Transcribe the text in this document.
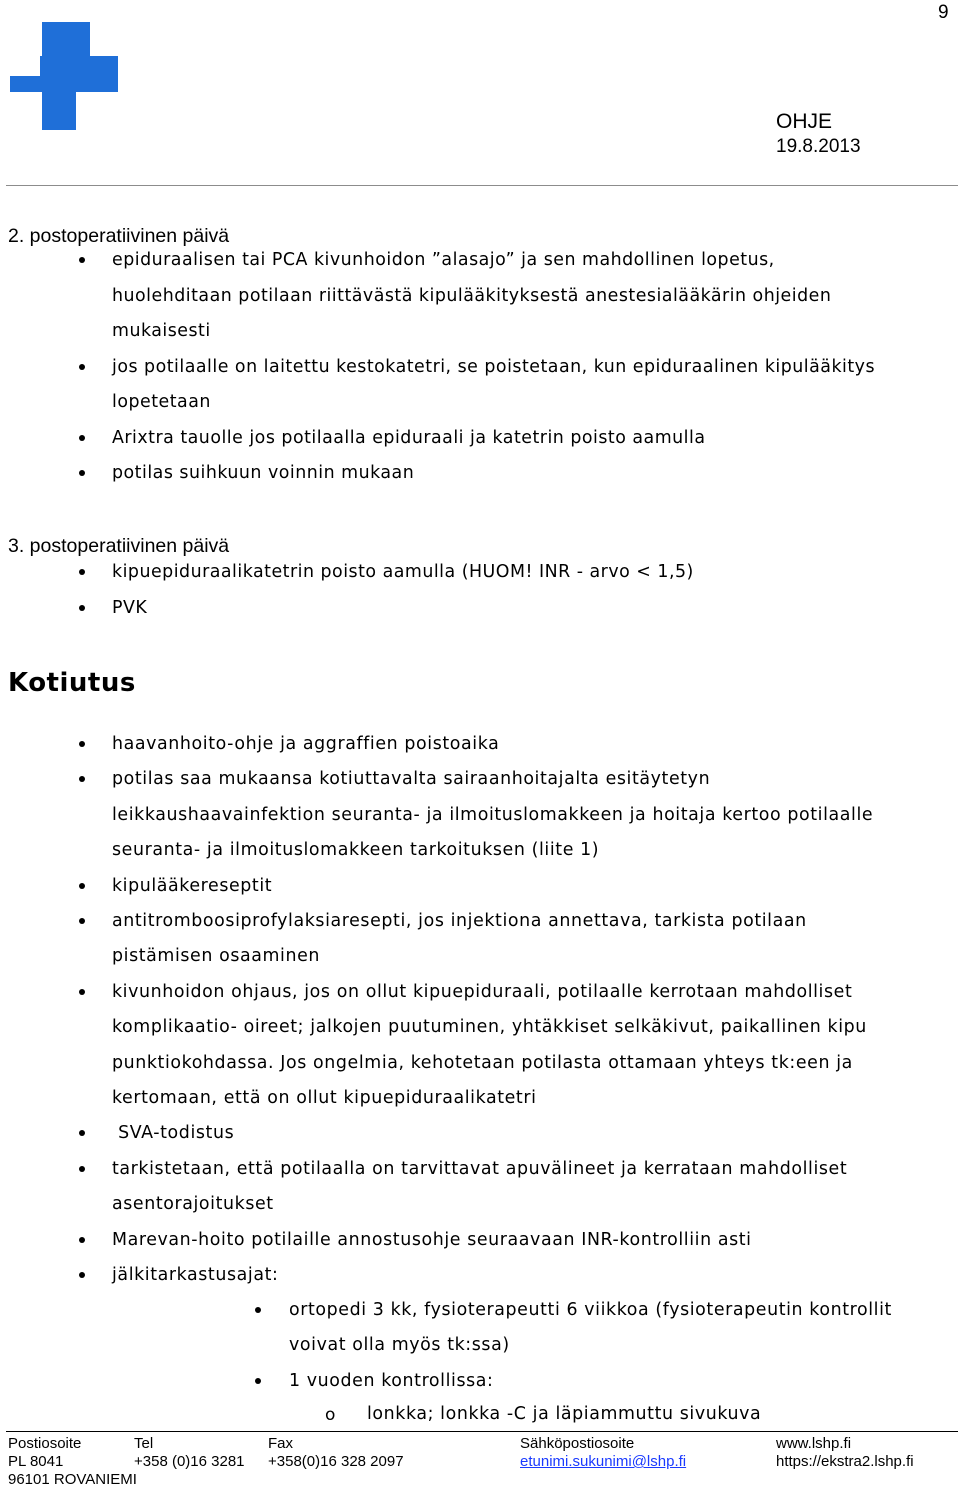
9
OHJE
19.8.2013
2. postoperatiivinen päivä
epiduraalisen tai PCA kivunhoidon ”alasajo” ja sen mahdollinen lopetus,
huolehditaan potilaan riittävästä kipulääkityksestä anestesialääkärin ohjeiden
mukaisesti
jos potilaalle on laitettu kestokatetri, se poistetaan, kun epiduraalinen kipulääkitys
lopetetaan
Arixtra tauolle jos potilaalla epiduraali ja katetrin poisto aamulla
potilas suihkuun voinnin mukaan
3. postoperatiivinen päivä
kipuepiduraalikatetrin poisto aamulla (HUOM! INR - arvo < 1,5)
PVK
Kotiutus
haavanhoito-ohje ja aggraffien poistoaika
potilas saa mukaansa kotiuttavalta sairaanhoitajalta esitäytetyn
leikkaushaavainfektion seuranta- ja ilmoituslomakkeen ja hoitaja kertoo potilaalle
seuranta- ja ilmoituslomakkeen tarkoituksen (liite 1)
kipulääkereseptit
antitromboosiprofylaksiaresepti, jos injektiona annettava, tarkista potilaan
pistämisen osaaminen
kivunhoidon ohjaus, jos on ollut kipuepiduraali, potilaalle kerrotaan mahdolliset
komplikaatio- oireet; jalkojen puutuminen, yhtäkkiset selkäkivut, paikallinen kipu
punktiokohdassa. Jos ongelmia, kehotetaan potilasta ottamaan yhteys tk:een ja
kertomaan, että on ollut kipuepiduraalikatetri
SVA-todistus
tarkistetaan, että potilaalla on tarvittavat apuvälineet ja kerrataan mahdolliset
asentorajoitukset
Marevan-hoito potilaille annostusohje seuraavaan INR-kontrolliin asti
jälkitarkastusajat:
ortopedi 3 kk, fysioterapeutti 6 viikkoa (fysioterapeutin kontrollit
voivat olla myös tk:ssa)
1 vuoden kontrollissa:
o lonkka; lonkka -C ja läpiammuttu sivukuva
Postiosoite
PL 8041
96101 ROVANIEMI
Tel
+358 (0)16 3281
Fax
+358(0)16 328 2097
Sähköpostiosoite
etunimi.sukunimi@lshp.fi
www.lshp.fi
https://ekstra2.lshp.fi
